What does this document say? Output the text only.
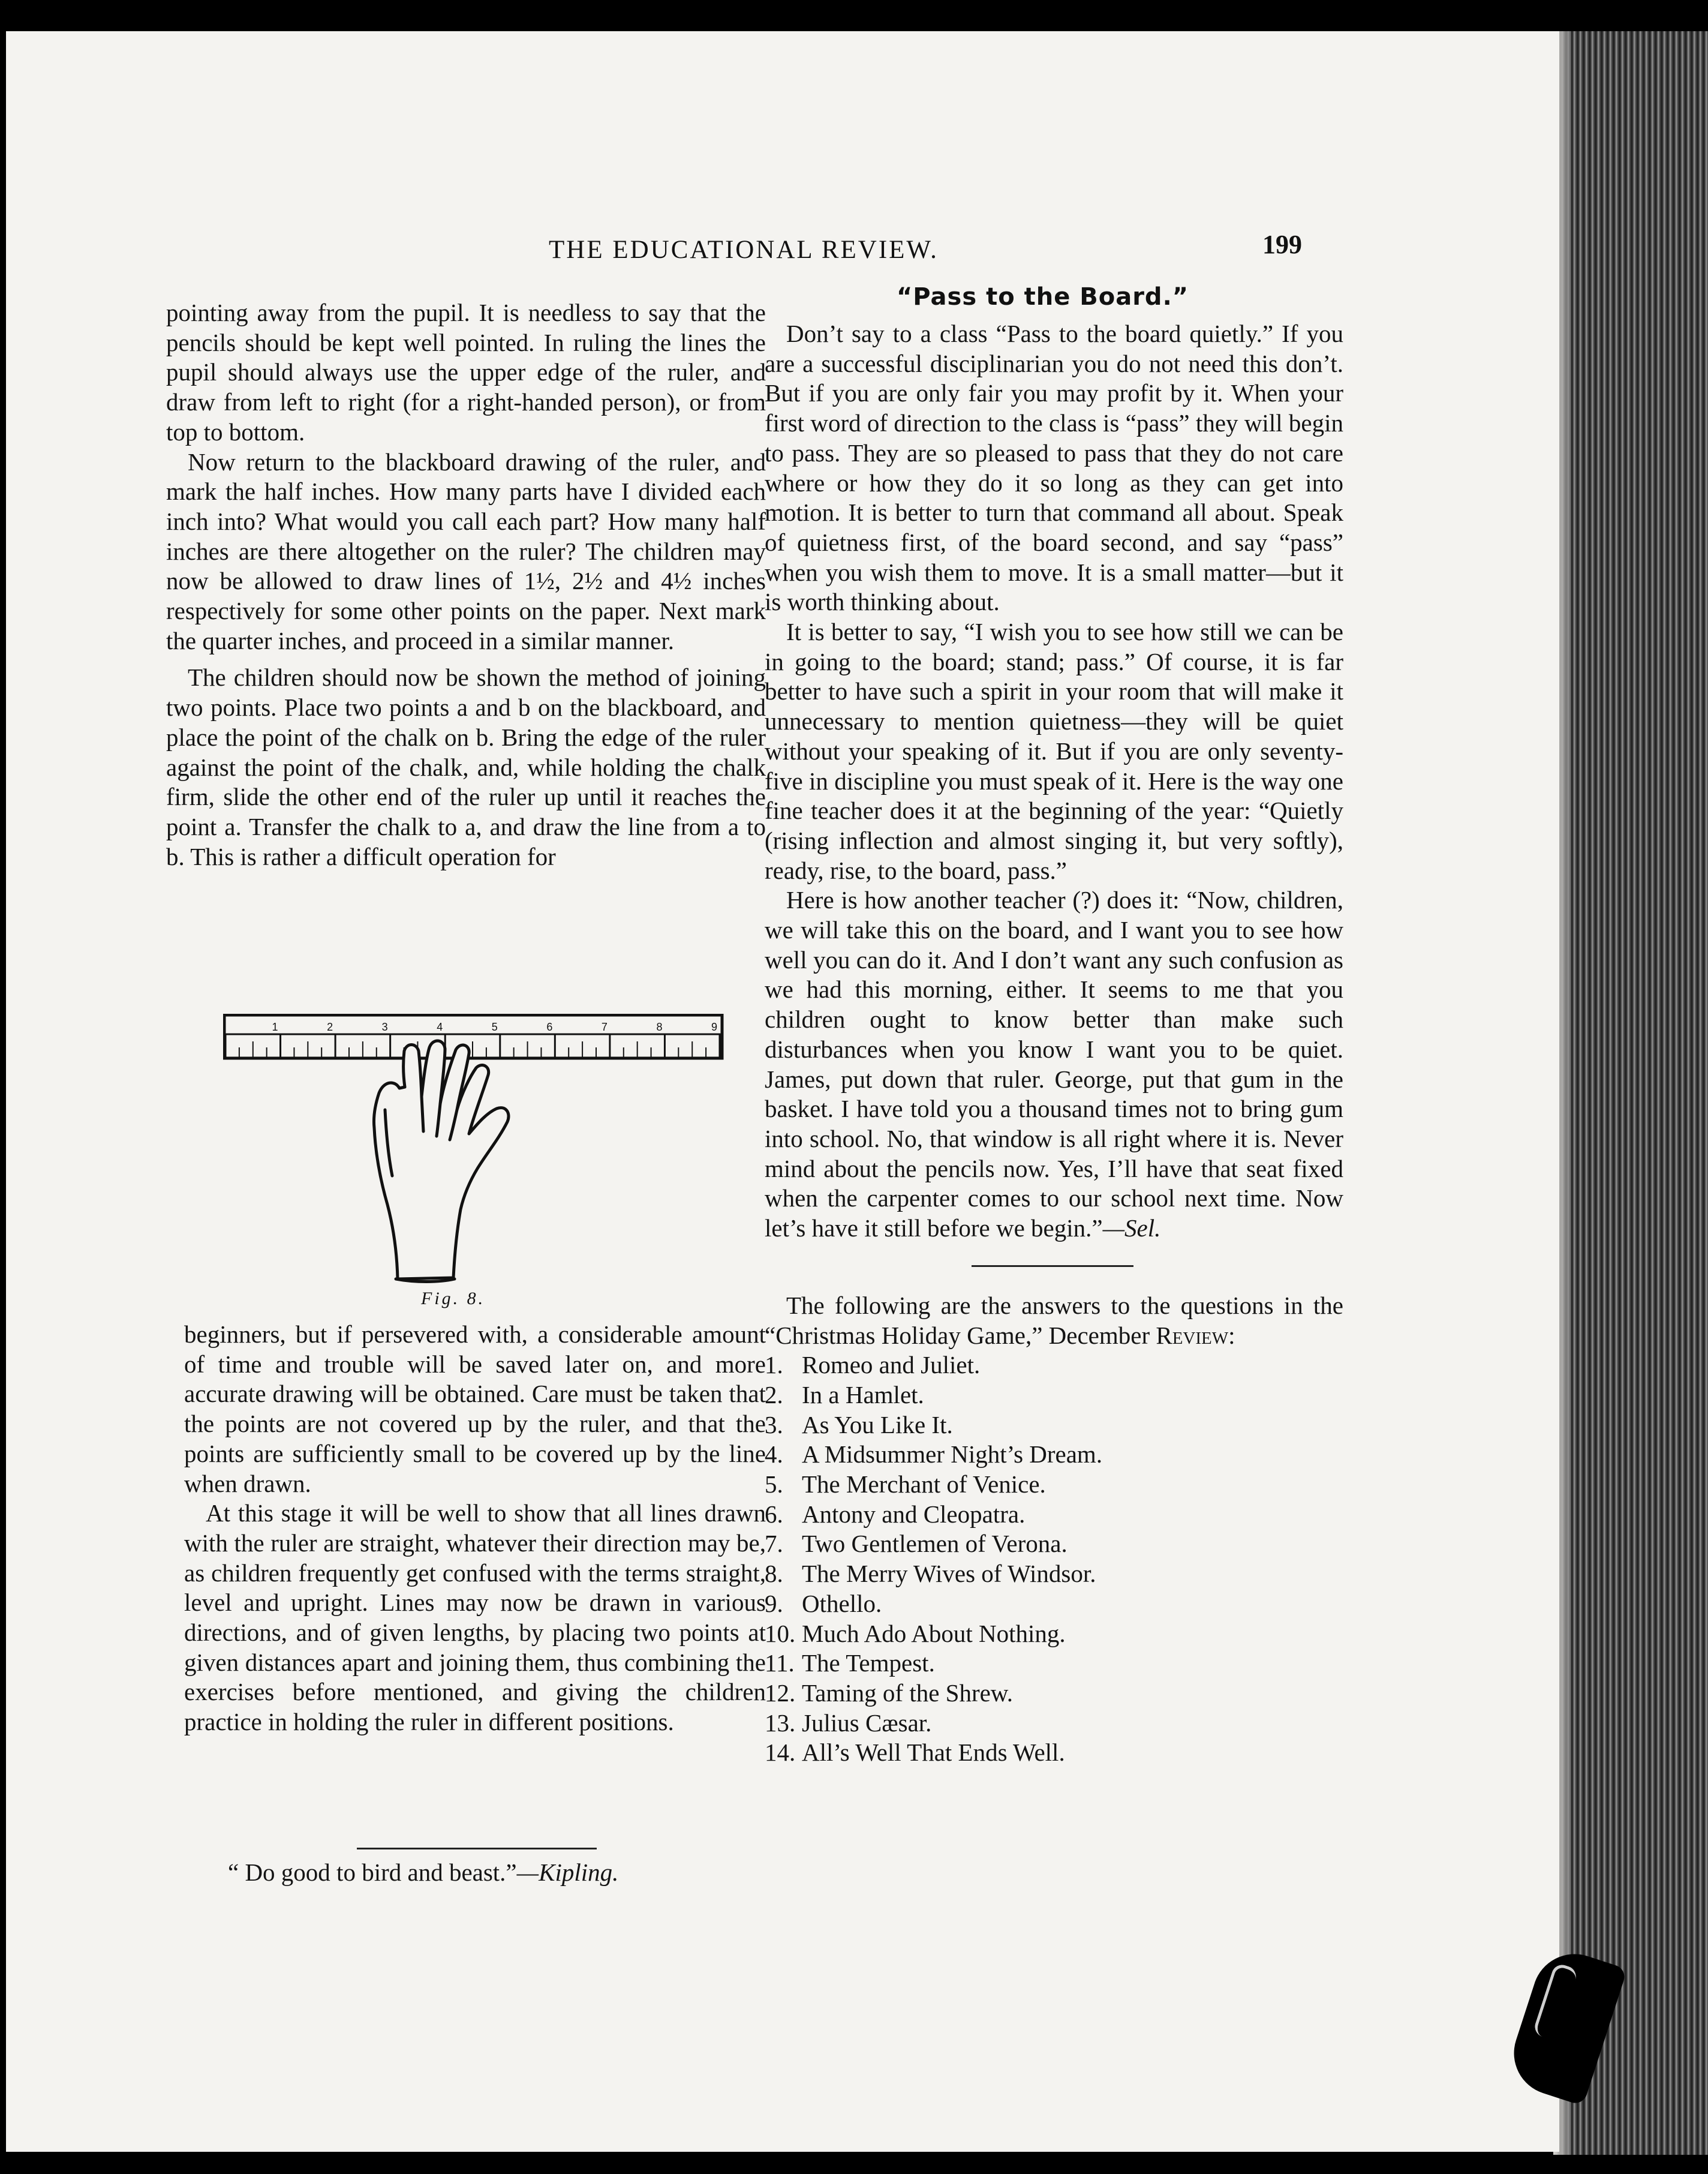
THE EDUCATIONAL REVIEW.	199

pointing away from the pupil. It is needless to say that the pencils should be kept well pointed. In ruling the lines the pupil should always use the upper edge of the ruler, and draw from left to right (for a right-handed person), or from top to bottom.

Now return to the blackboard drawing of the ruler, and mark the half inches. How many parts have I divided each inch into? What would you call each part? How many half inches are there altogether on the ruler? The children may now be allowed to draw lines of 1½, 2½ and 4½ inches respectively for some other points on the paper. Next mark the quarter inches, and proceed in a similar manner.

The children should now be shown the method of joining two points. Place two points a and b on the blackboard, and place the point of the chalk on b. Bring the edge of the ruler against the point of the chalk, and, while holding the chalk firm, slide the other end of the ruler up until it reaches the point a. Transfer the chalk to a, and draw the line from a to b. This is rather a difficult operation for

1	2	3	4	5	6	7	8	9
Fig. 8.

beginners, but if persevered with, a considerable amount of time and trouble will be saved later on, and more accurate drawing will be obtained. Care must be taken that the points are not covered up by the ruler, and that the points are sufficiently small to be covered up by the line when drawn.

At this stage it will be well to show that all lines drawn with the ruler are straight, whatever their direction may be, as children frequently get confused with the terms straight, level and upright. Lines may now be drawn in various directions, and of given lengths, by placing two points at given distances apart and joining them, thus combining the exercises before mentioned, and giving the children practice in holding the ruler in different positions.

“ Do good to bird and beast.”—Kipling.
“Pass to the Board.”

Don’t say to a class “Pass to the board quietly.” If you are a successful disciplinarian you do not need this don’t. But if you are only fair you may profit by it. When your first word of direction to the class is “pass” they will begin to pass. They are so pleased to pass that they do not care where or how they do it so long as they can get into motion. It is better to turn that command all about. Speak of quietness first, of the board second, and say “pass” when you wish them to move. It is a small matter—but it is worth thinking about.

It is better to say, “I wish you to see how still we can be in going to the board; stand; pass.” Of course, it is far better to have such a spirit in your room that will make it unnecessary to mention quietness—they will be quiet without your speaking of it. But if you are only seventy-five in discipline you must speak of it. Here is the way one fine teacher does it at the beginning of the year: “Quietly (rising inflection and almost singing it, but very softly), ready, rise, to the board, pass.”

Here is how another teacher (?) does it: “Now, children, we will take this on the board, and I want you to see how well you can do it. And I don’t want any such confusion as we had this morning, either. It seems to me that you children ought to know better than make such disturbances when you know I want you to be quiet. James, put down that ruler. George, put that gum in the basket. I have told you a thousand times not to bring gum into school. No, that window is all right where it is. Never mind about the pencils now. Yes, I’ll have that seat fixed when the carpenter comes to our school next time. Now let’s have it still before we begin.”—Sel.

The following are the answers to the questions in the “Christmas Holiday Game,” December Review:

1. Romeo and Juliet.
2. In a Hamlet.
3. As You Like It.
4. A Midsummer Night’s Dream.
5. The Merchant of Venice.
6. Antony and Cleopatra.
7. Two Gentlemen of Verona.
8. The Merry Wives of Windsor.
9. Othello.
10. Much Ado About Nothing.
11. The Tempest.
12. Taming of the Shrew.
13. Julius Cæsar.
14. All’s Well That Ends Well.
